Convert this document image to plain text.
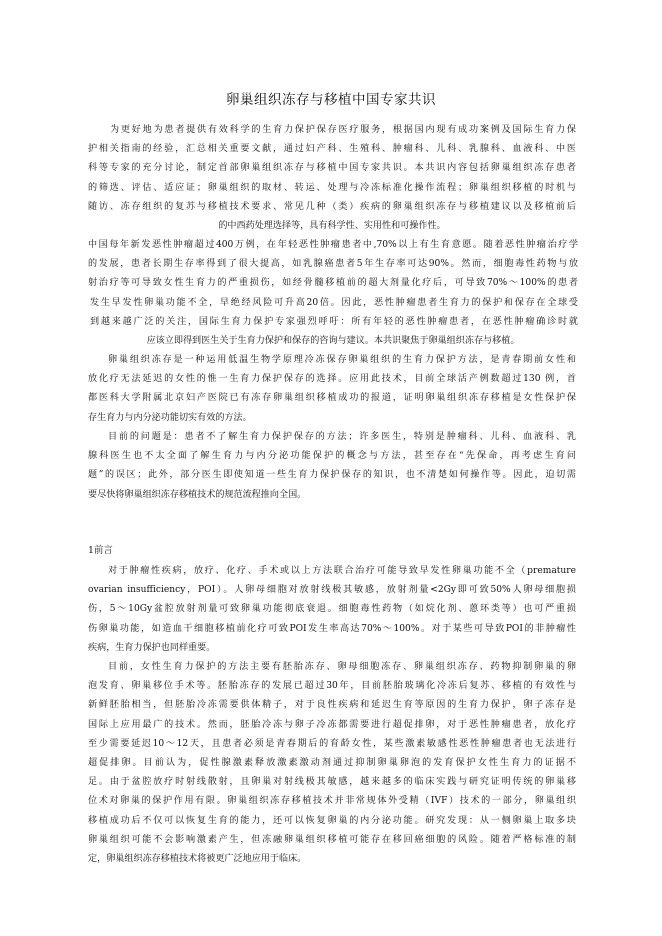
卵巢组织冻存与移植中国专家共识
为更好地为患者提供有效科学的生育力保护保存医疗服务，根据国内现有成功案例及国际生育力保
护相关指南的经验，汇总相关重要文献，通过妇产科、生殖科、肿瘤科、儿科、乳腺科、血液科、中医
科等专家的充分讨论，制定首部卵巢组织冻存与移植中国专家共识。本共识内容包括卵巢组织冻存患者
的筛选、评估、适应证；卵巢组织的取材、转运、处理与冷冻标准化操作流程；卵巢组织移植的时机与
随访、冻存组织的复苏与移植技术要求、常见几种（类）疾病的卵巢组织冻存与移植建议以及移植前后
的中西药处理选择等，具有科学性、实用性和可操作性。
中国每年新发恶性肿瘤超过400万例，在年轻恶性肿瘤患者中,70%以上有生育意愿。随着恶性肿瘤治疗学
的发展，患者长期生存率得到了很大提高，如乳腺癌患者5年生存率可达90%。然而，细胞毒性药物与放
射治疗等可导致女性生育力的严重损伤，如经骨髓移植前的超大剂量化疗后，可导致70%～100%的患者
发生早发性卵巢功能不全，早绝经风险可升高20倍。因此，恶性肿瘤患者生育力的保护和保存在全球受
到越来越广泛的关注，国际生育力保护专家强烈呼吁：所有年轻的恶性肿瘤患者，在恶性肿瘤确诊时就
应该立即得到医生关于生育力保护和保存的咨询与建议。本共识聚焦于卵巢组织冻存与移植。
卵巢组织冻存是一种运用低温生物学原理冷冻保存卵巢组织的生育力保护方法，是青春期前女性和
放化疗无法延迟的女性的惟一生育力保护保存的选择。应用此技术，目前全球活产例数超过130 例，首
都医科大学附属北京妇产医院已有冻存卵巢组织移植成功的报道，证明卵巢组织冻存移植是女性保护保
存生育力与内分泌功能切实有效的方法。
目前的问题是：患者不了解生育力保护保存的方法；许多医生，特别是肿瘤科、儿科、血液科、乳
腺科医生也不太全面了解生育力与内分泌功能保护的概念与方法，甚至存在“先保命，再考虑生育问
题”的误区；此外，部分医生即使知道一些生育力保护保存的知识，也不清楚如何操作等。因此，迫切需
要尽快将卵巢组织冻存移植技术的规范流程推向全国。
1前言
对于肿瘤性疾病，放疗、化疗、手术或以上方法联合治疗可能导致早发性卵巢功能不全（premature
ovarian insufficiency，POI）。人卵母细胞对放射线极其敏感，放射剂量<2Gy即可致50%人卵母细胞损
伤，5～10Gy盆腔放射剂量可致卵巢功能彻底衰退。细胞毒性药物（如烷化剂、蒽环类等）也可严重损
伤卵巢功能，如造血干细胞移植前化疗可致POI发生率高达70%～100%。对于某些可导致POI的非肿瘤性
疾病，生育力保护也同样重要。
目前，女性生育力保护的方法主要有胚胎冻存、卵母细胞冻存、卵巢组织冻存、药物抑制卵巢的卵
泡发育、卵巢移位手术等。胚胎冻存的发展已超过30年，目前胚胎玻璃化冷冻后复苏、移植的有效性与
新鲜胚胎相当，但胚胎冷冻需要供体精子，对于良性疾病和延迟生育等原因的生育力保护，卵子冻存是
国际上应用最广的技术。然而，胚胎冷冻与卵子冷冻都需要进行超促排卵，对于恶性肿瘤患者，放化疗
至少需要延迟10～12天，且患者必须是青春期后的育龄女性，某些激素敏感性恶性肿瘤患者也无法进行
超促排卵。目前认为，促性腺激素释放激素激动剂通过抑制卵巢卵泡的发育保护女性生育力的证据不
足。由于盆腔放疗时射线散射，且卵巢对射线极其敏感，越来越多的临床实践与研究证明传统的卵巢移
位术对卵巢的保护作用有限。卵巢组织冻存移植技术并非常规体外受精（IVF）技术的一部分，卵巢组织
移植成功后不仅可以恢复生育的能力，还可以恢复卵巢的内分泌功能。研究发现：从一侧卵巢上取多块
卵巢组织可能不会影响激素产生，但冻融卵巢组织移植可能存在移回癌细胞的风险。随着严格标准的制
定，卵巢组织冻存移植技术将被更广泛地应用于临床。
